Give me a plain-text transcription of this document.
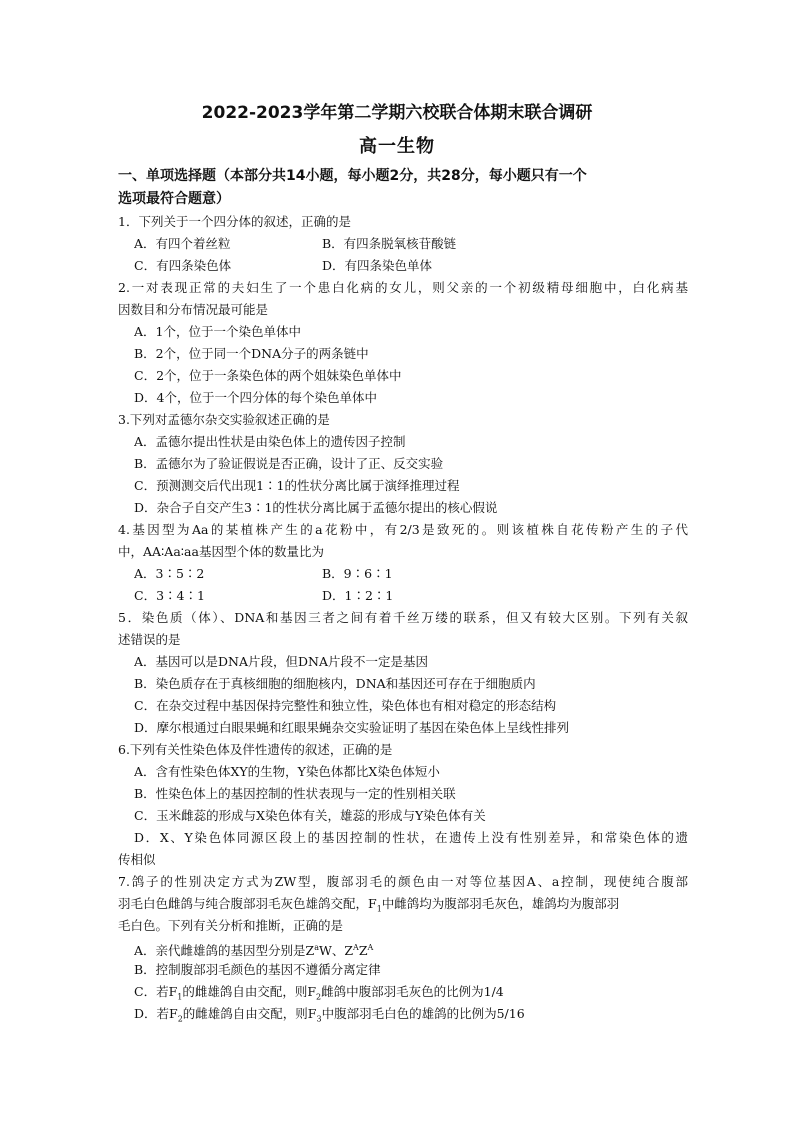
2022-2023学年第二学期六校联合体期末联合调研
高一生物
一、单项选择题（本部分共14小题，每小题2分，共28分，每小题只有一个
选项最符合题意）
1．下列关于一个四分体的叙述，正确的是
A．有四个着丝粒	B．有四条脱氧核苷酸链
C．有四条染色体	D．有四条染色单体
2.一对表现正常的夫妇生了一个患白化病的女儿，则父亲的一个初级精母细胞中，白化病基
因数目和分布情况最可能是
A．1个，位于一个染色单体中
B．2个，位于同一个DNA分子的两条链中
C．2个，位于一条染色体的两个姐妹染色单体中
D．4个，位于一个四分体的每个染色单体中
3.下列对孟德尔杂交实验叙述正确的是
A．孟德尔提出性状是由染色体上的遗传因子控制
B．孟德尔为了验证假说是否正确，设计了正、反交实验
C．预测测交后代出现1∶1的性状分离比属于演绎推理过程
D．杂合子自交产生3∶1的性状分离比属于孟德尔提出的核心假说
4.基因型为Aa的某植株产生的a花粉中，有2/3是致死的。则该植株自花传粉产生的子代
中，AA∶Aa∶aa基因型个体的数量比为
A．3∶5∶2	B．9∶6∶1
C．3∶4∶1	D．1∶2∶1
5．染色质（体）、DNA和基因三者之间有着千丝万缕的联系，但又有较大区别。下列有关叙
述错误的是
A．基因可以是DNA片段，但DNA片段不一定是基因
B．染色质存在于真核细胞的细胞核内，DNA和基因还可存在于细胞质内
C．在杂交过程中基因保持完整性和独立性，染色体也有相对稳定的形态结构
D．摩尔根通过白眼果蝇和红眼果蝇杂交实验证明了基因在染色体上呈线性排列
6.下列有关性染色体及伴性遗传的叙述，正确的是
A．含有性染色体XY的生物，Y染色体都比X染色体短小
B．性染色体上的基因控制的性状表现与一定的性别相关联
C．玉米雌蕊的形成与X染色体有关，雄蕊的形成与Y染色体有关
D．X、Y染色体同源区段上的基因控制的性状，在遗传上没有性别差异，和常染色体的遗
传相似
7.鸽子的性别决定方式为ZW型，腹部羽毛的颜色由一对等位基因A、a控制，现使纯合腹部
羽毛白色雌鸽与纯合腹部羽毛灰色雄鸽交配，$F_1$中雌鸽均为腹部羽毛灰色，雄鸽均为腹部羽
毛白色。下列有关分析和推断，正确的是
A．亲代雌雄鸽的基因型分别是$Z^aW$、$Z^AZ^A$
B．控制腹部羽毛颜色的基因不遵循分离定律
C．若$F_1$的雌雄鸽自由交配，则$F_2$雌鸽中腹部羽毛灰色的比例为1/4
D．若$F_2$的雌雄鸽自由交配，则$F_3$中腹部羽毛白色的雄鸽的比例为5/16
